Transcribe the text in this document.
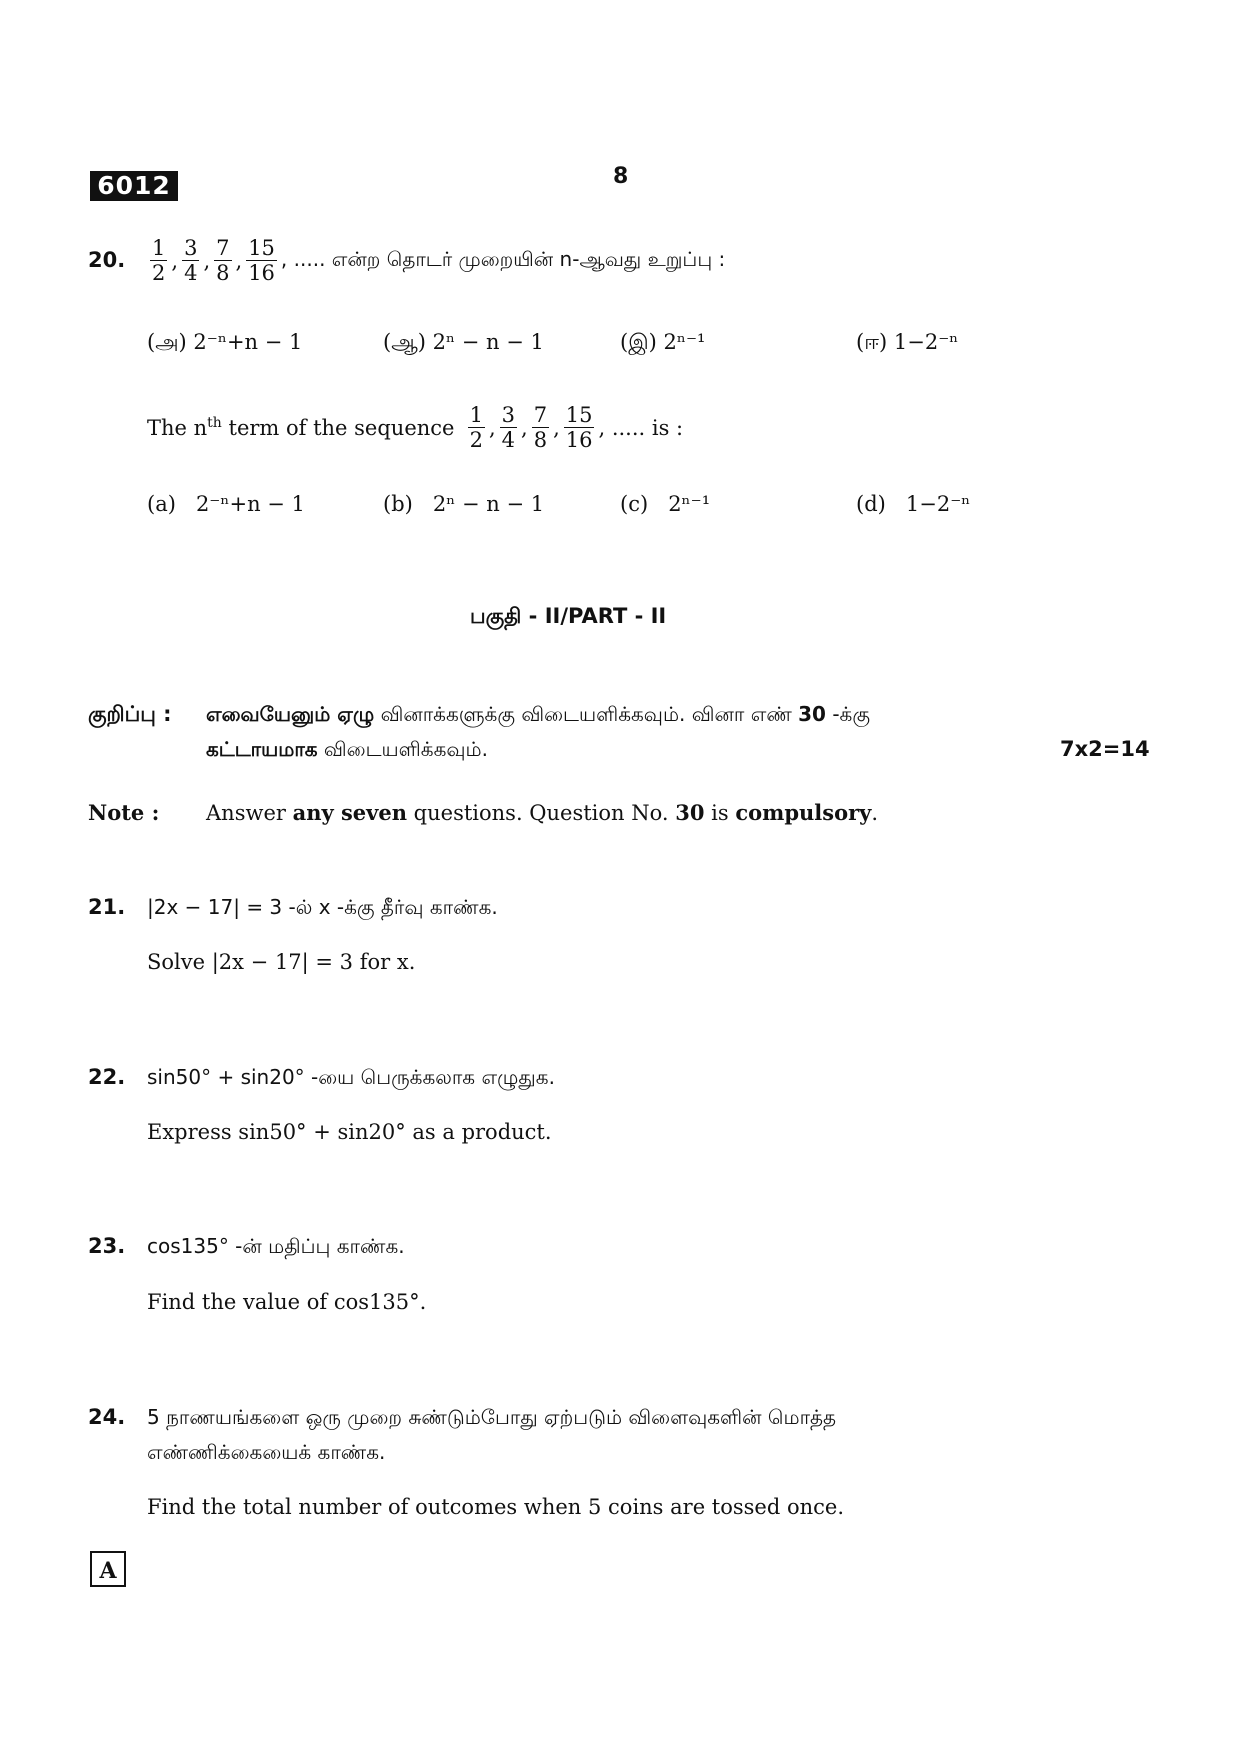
6012	8
20. $\frac{1}{2}$ , $\frac{3}{4}$ , $\frac{7}{8}$ , $\frac{15}{16}$ , ..... என்ற தொடர் முறையின் n-ஆவது உறுப்பு :
(அ) 2⁻ⁿ+n − 1	(ஆ) 2ⁿ − n − 1	(இ) 2ⁿ⁻¹	(ஈ) 1−2⁻ⁿ
The $n^{th}$ term of the sequence
$\frac{1}{2}$ , $\frac{3}{4}$ , $\frac{7}{8}$ , $\frac{15}{16}$ , ..... is :
(a) 2⁻ⁿ+n − 1	(b) 2ⁿ − n − 1	(c) 2ⁿ⁻¹	(d) 1−2⁻ⁿ
பகுதி - II/PART - II
குறிப்பு : எவையேனும் ஏழு வினாக்களுக்கு விடையளிக்கவும். வினா எண் 30 -க்கு
கட்டாயமாக விடையளிக்கவும்.	7x2=14
Note : Answer any seven questions. Question No. 30 is compulsory.
21. |2x − 17| = 3 -ல் x -க்கு தீர்வு காண்க.
Solve |2x − 17| = 3 for x.
22. sin50° + sin20° -யை பெருக்கலாக எழுதுக.
Express sin50° + sin20° as a product.
23. cos135° -ன் மதிப்பு காண்க.
Find the value of cos135°.
24. 5 நாணயங்களை ஒரு முறை சுண்டும்போது ஏற்படும் விளைவுகளின் மொத்த
எண்ணிக்கையைக் காண்க.
Find the total number of outcomes when 5 coins are tossed once.
A
